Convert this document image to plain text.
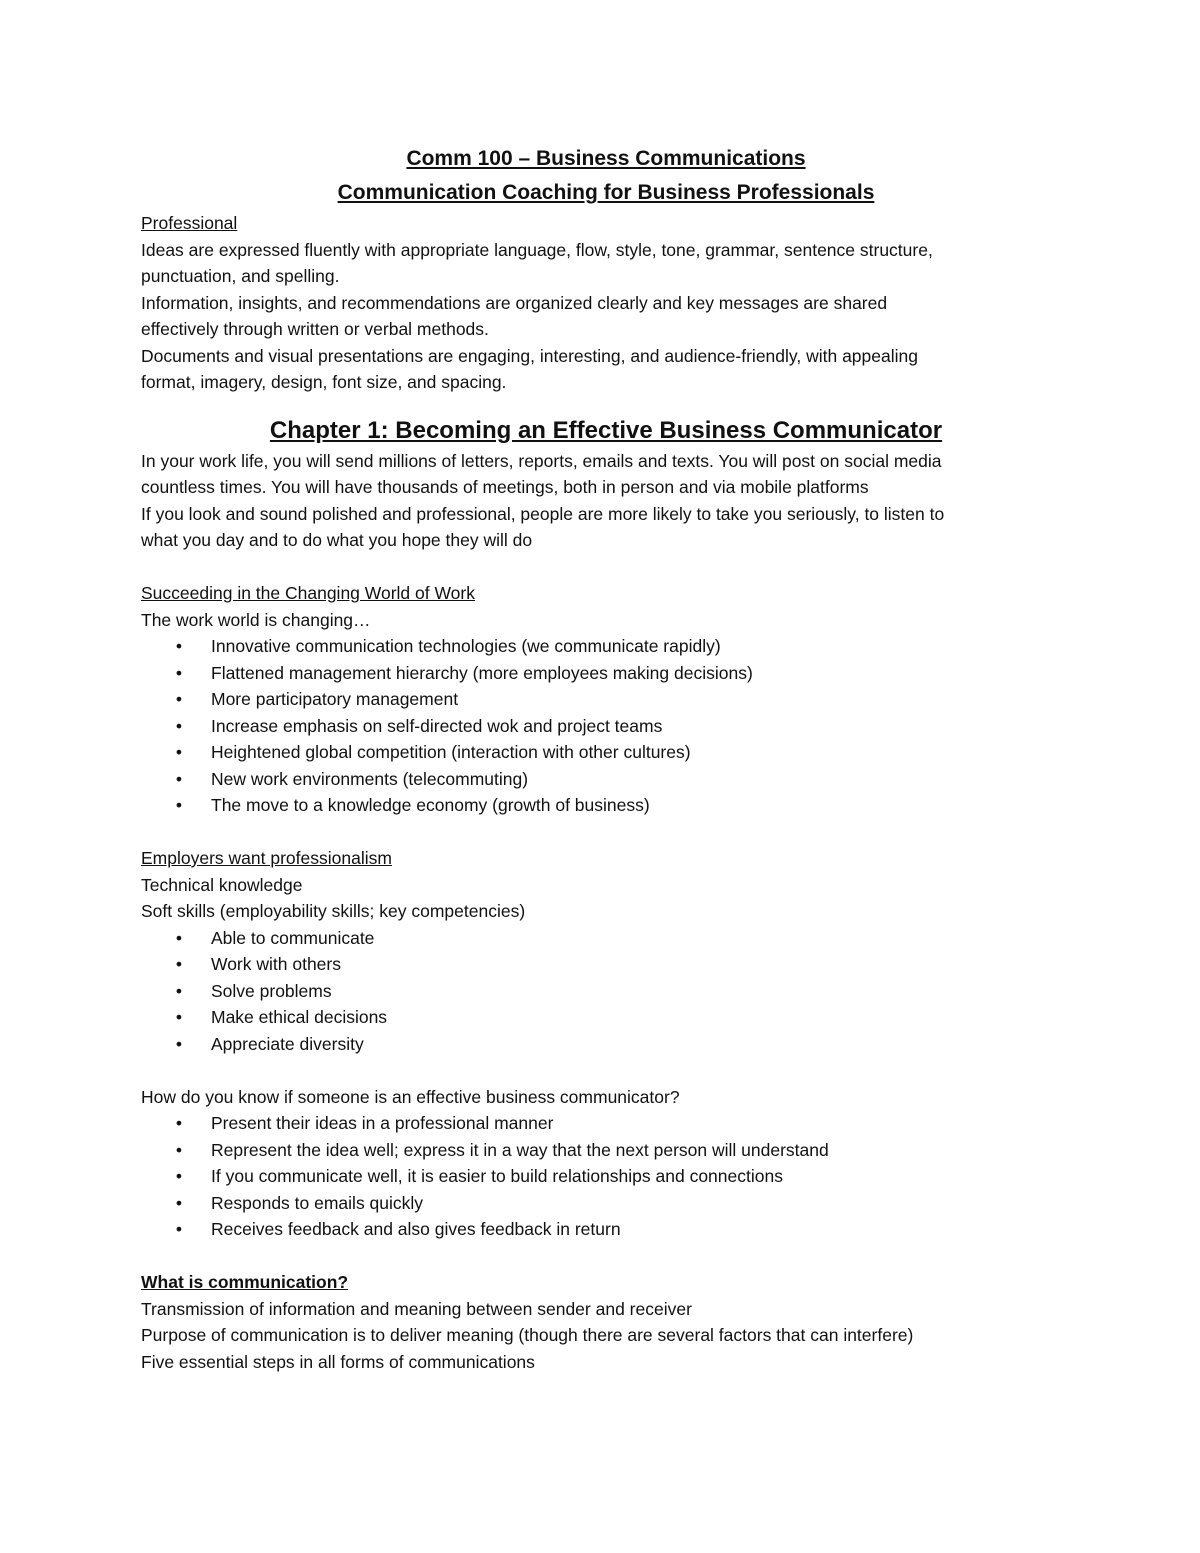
Comm 100 – Business Communications
Communication Coaching for Business Professionals

Professional

Ideas are expressed fluently with appropriate language, flow, style, tone, grammar, sentence structure,

punctuation, and spelling.

Information, insights, and recommendations are organized clearly and key messages are shared

effectively through written or verbal methods.

Documents and visual presentations are engaging, interesting, and audience-friendly, with appealing

format, imagery, design, font size, and spacing.

Chapter 1: Becoming an Effective Business Communicator

In your work life, you will send millions of letters, reports, emails and texts. You will post on social media

countless times. You will have thousands of meetings, both in person and via mobile platforms

If you look and sound polished and professional, people are more likely to take you seriously, to listen to

what you day and to do what you hope they will do

Succeeding in the Changing World of Work

The work world is changing…

• Innovative communication technologies (we communicate rapidly)
• Flattened management hierarchy (more employees making decisions)
• More participatory management
• Increase emphasis on self-directed wok and project teams
• Heightened global competition (interaction with other cultures)
• New work environments (telecommuting)
• The move to a knowledge economy (growth of business)

Employers want professionalism

Technical knowledge

Soft skills (employability skills; key competencies)

• Able to communicate
• Work with others
• Solve problems
• Make ethical decisions
• Appreciate diversity

How do you know if someone is an effective business communicator?

• Present their ideas in a professional manner
• Represent the idea well; express it in a way that the next person will understand
• If you communicate well, it is easier to build relationships and connections
• Responds to emails quickly
• Receives feedback and also gives feedback in return

What is communication?

Transmission of information and meaning between sender and receiver

Purpose of communication is to deliver meaning (though there are several factors that can interfere)

Five essential steps in all forms of communications
